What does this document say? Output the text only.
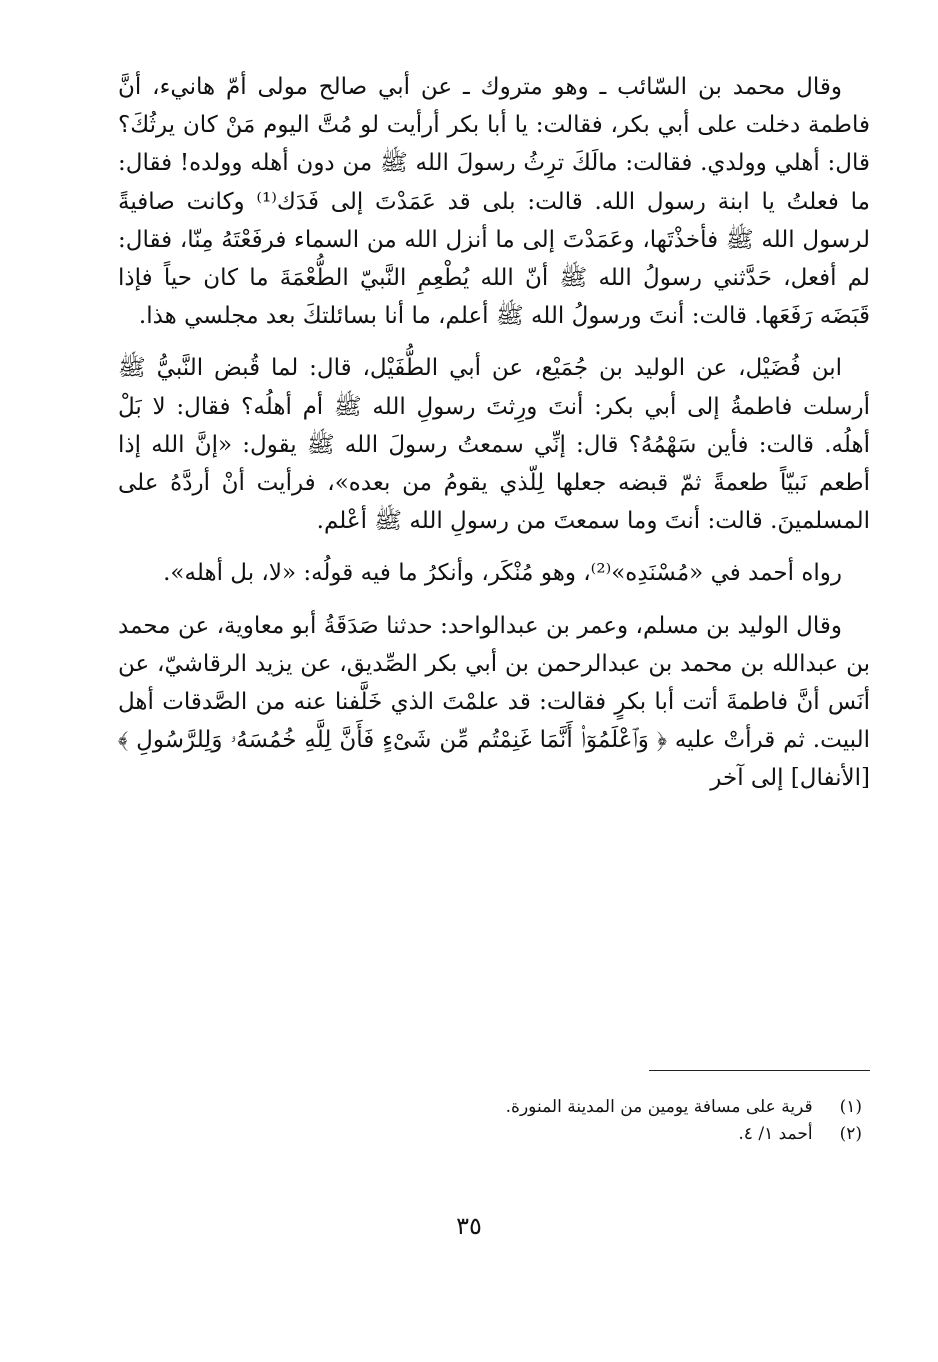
وقال محمد بن السّائب ـ وهو متروك ـ عن أبي صالح مولى أمّ هانيء، أنَّ فاطمة دخلت على أبي بكر، فقالت: يا أبا بكر أرأيت لو مُتَّ اليوم مَنْ كان يرثُكَ؟ قال: أهلي وولدي. فقالت: مالَكَ ترِثُ رسولَ الله ﷺ من دون أهله وولده! فقال: ما فعلتُ يا ابنة رسول الله. قالت: بلى قد عَمَدْتَ إلى فَدَك⁽¹⁾ وكانت صافيةً لرسول الله ﷺ فأخذْتَها، وعَمَدْتَ إلى ما أنزل الله من السماء فرفَعْتَهُ مِنّا، فقال: لم أفعل، حَدَّثني رسولُ الله ﷺ أنّ الله يُطْعِمِ النَّبيّ الطُّعْمَةَ ما كان حياً فإذا قَبَضَه رَفَعَها. قالت: أنتَ ورسولُ الله ﷺ أعلم، ما أنا بسائلتكَ بعد مجلسي هذا.

ابن فُضَيْل، عن الوليد بن جُمَيْع، عن أبي الطُّفَيْل، قال: لما قُبض النَّبيُّ ﷺ أرسلت فاطمةُ إلى أبي بكر: أنتَ ورِثتَ رسولِ الله ﷺ أم أهلُه؟ فقال: لا بَلْ أهلُه. قالت: فأين سَهْمُهُ؟ قال: إنِّي سمعتُ رسولَ الله ﷺ يقول: «إنَّ الله إذا أطعم نَبيّاً طعمةً ثمّ قبضه جعلها لِلّذي يقومُ من بعده»، فرأيت أنْ أردَّهُ على المسلمينَ. قالت: أنتَ وما سمعتَ من رسولِ الله ﷺ أعْلم.

رواه أحمد في «مُسْنَدِه»⁽²⁾، وهو مُنْكَر، وأنكرُ ما فيه قولُه: «لا، بل أهله».

وقال الوليد بن مسلم، وعمر بن عبدالواحد: حدثنا صَدَقَةُ أبو معاوية، عن محمد بن عبدالله بن محمد بن عبدالرحمن بن أبي بكر الصِّديق، عن يزيد الرقاشيّ، عن أنَس أنَّ فاطمةَ أتت أبا بكرٍ فقالت: قد علمْتَ الذي خَلَّفنا عنه من الصَّدقات أهل البيت. ثم قرأتْ عليه ﴿ وَٱعْلَمُوٓا۟ أَنَّمَا غَنِمْتُم مِّن شَىْءٍ فَأَنَّ لِلَّهِ خُمُسَهُۥ وَلِلرَّسُولِ ﴾ [الأنفال] إلى آخر

(١) قرية على مسافة يومين من المدينة المنورة.

(٢) أحمد ١/ ٤.

٣٥
